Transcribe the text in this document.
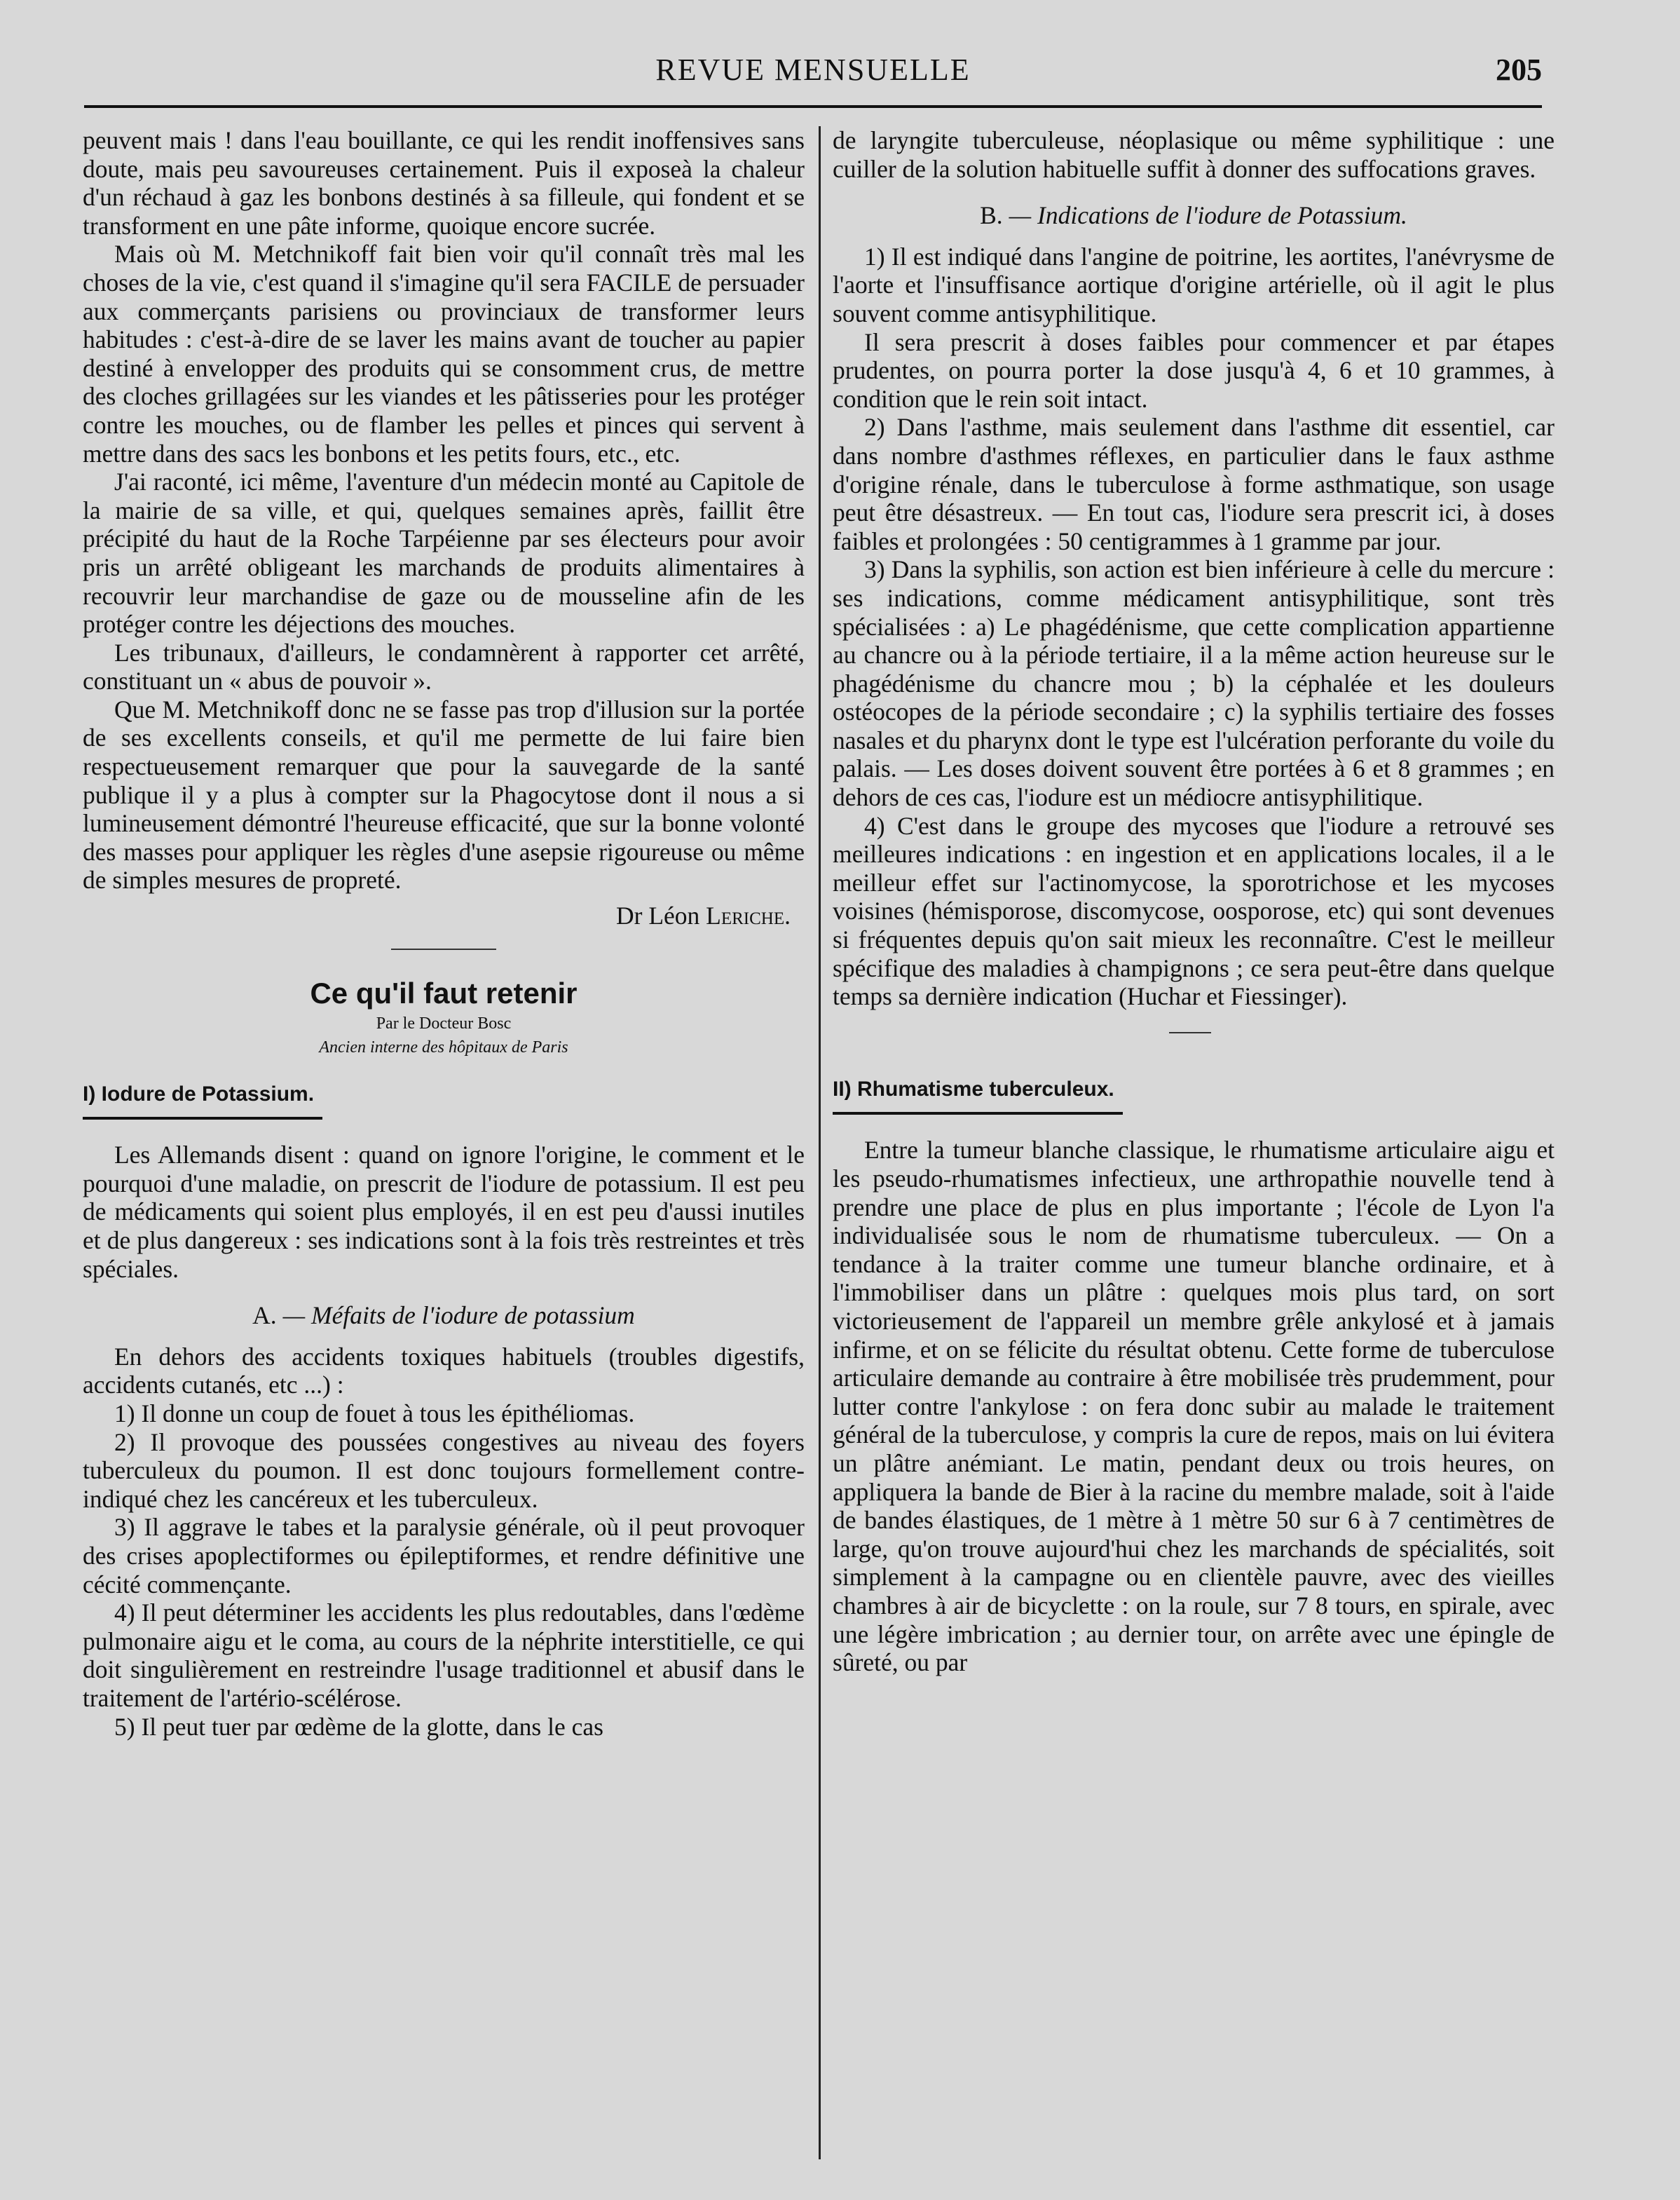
REVUE MENSUELLE	205

peuvent mais ! dans l'eau bouillante, ce qui les rendit inoffensives sans doute, mais peu savoureuses certainement. Puis il exposeà la chaleur d'un réchaud à gaz les bonbons destinés à sa filleule, qui fondent et se transforment en une pâte informe, quoique encore sucrée.

Mais où M. Metchnikoff fait bien voir qu'il connaît très mal les choses de la vie, c'est quand il s'imagine qu'il sera FACILE de persuader aux commerçants parisiens ou provinciaux de transformer leurs habitudes : c'est-à-dire de se laver les mains avant de toucher au papier destiné à envelopper des produits qui se consomment crus, de mettre des cloches grillagées sur les viandes et les pâtisseries pour les protéger contre les mouches, ou de flamber les pelles et pinces qui servent à mettre dans des sacs les bonbons et les petits fours, etc., etc.

J'ai raconté, ici même, l'aventure d'un médecin monté au Capitole de la mairie de sa ville, et qui, quelques semaines après, faillit être précipité du haut de la Roche Tarpéienne par ses électeurs pour avoir pris un arrêté obligeant les marchands de produits alimentaires à recouvrir leur marchandise de gaze ou de mousseline afin de les protéger contre les déjections des mouches.

Les tribunaux, d'ailleurs, le condamnèrent à rapporter cet arrêté, constituant un « abus de pouvoir ».

Que M. Metchnikoff donc ne se fasse pas trop d'illusion sur la portée de ses excellents conseils, et qu'il me permette de lui faire bien respectueusement remarquer que pour la sauvegarde de la santé publique il y a plus à compter sur la Phagocytose dont il nous a si lumineusement démontré l'heureuse efficacité, que sur la bonne volonté des masses pour appliquer les règles d'une asepsie rigoureuse ou même de simples mesures de propreté.

Dr Léon Leriche.

Ce qu'il faut retenir
Par le Docteur Bosc
Ancien interne des hôpitaux de Paris
I) Iodure de Potassium.

Les Allemands disent : quand on ignore l'origine, le comment et le pourquoi d'une maladie, on prescrit de l'iodure de potassium. Il est peu de médicaments qui soient plus employés, il en est peu d'aussi inutiles et de plus dangereux : ses indications sont à la fois très restreintes et très spéciales.

A. — Méfaits de l'iodure de potassium

En dehors des accidents toxiques habituels (troubles digestifs, accidents cutanés, etc ...) :

1) Il donne un coup de fouet à tous les épithéliomas.

2) Il provoque des poussées congestives au niveau des foyers tuberculeux du poumon. Il est donc toujours formellement contre-indiqué chez les cancéreux et les tuberculeux.

3) Il aggrave le tabes et la paralysie générale, où il peut provoquer des crises apoplectiformes ou épileptiformes, et rendre définitive une cécité commençante.

4) Il peut déterminer les accidents les plus redoutables, dans l'œdème pulmonaire aigu et le coma, au cours de la néphrite interstitielle, ce qui doit singulièrement en restreindre l'usage traditionnel et abusif dans le traitement de l'artério-scélérose.

5) Il peut tuer par œdème de la glotte, dans le cas

de laryngite tuberculeuse, néoplasique ou même syphilitique : une cuiller de la solution habituelle suffit à donner des suffocations graves.

B. — Indications de l'iodure de Potassium.

1) Il est indiqué dans l'angine de poitrine, les aortites, l'anévrysme de l'aorte et l'insuffisance aortique d'origine artérielle, où il agit le plus souvent comme antisyphilitique.

Il sera prescrit à doses faibles pour commencer et par étapes prudentes, on pourra porter la dose jusqu'à 4, 6 et 10 grammes, à condition que le rein soit intact.

2) Dans l'asthme, mais seulement dans l'asthme dit essentiel, car dans nombre d'asthmes réflexes, en particulier dans le faux asthme d'origine rénale, dans le tuberculose à forme asthmatique, son usage peut être désastreux. — En tout cas, l'iodure sera prescrit ici, à doses faibles et prolongées : 50 centigrammes à 1 gramme par jour.

3) Dans la syphilis, son action est bien inférieure à celle du mercure : ses indications, comme médicament antisyphilitique, sont très spécialisées : a) Le phagédénisme, que cette complication appartienne au chancre ou à la période tertiaire, il a la même action heureuse sur le phagédénisme du chancre mou ; b) la céphalée et les douleurs ostéocopes de la période secondaire ; c) la syphilis tertiaire des fosses nasales et du pharynx dont le type est l'ulcération perforante du voile du palais. — Les doses doivent souvent être portées à 6 et 8 grammes ; en dehors de ces cas, l'iodure est un médiocre antisyphilitique.

4) C'est dans le groupe des mycoses que l'iodure a retrouvé ses meilleures indications : en ingestion et en applications locales, il a le meilleur effet sur l'actinomycose, la sporotrichose et les mycoses voisines (hémisporose, discomycose, oosporose, etc) qui sont devenues si fréquentes depuis qu'on sait mieux les reconnaître. C'est le meilleur spécifique des maladies à champignons ; ce sera peut-être dans quelque temps sa dernière indication (Huchar et Fiessinger).

II) Rhumatisme tuberculeux.

Entre la tumeur blanche classique, le rhumatisme articulaire aigu et les pseudo-rhumatismes infectieux, une arthropathie nouvelle tend à prendre une place de plus en plus importante ; l'école de Lyon l'a individualisée sous le nom de rhumatisme tuberculeux. — On a tendance à la traiter comme une tumeur blanche ordinaire, et à l'immobiliser dans un plâtre : quelques mois plus tard, on sort victorieusement de l'appareil un membre grêle ankylosé et à jamais infirme, et on se félicite du résultat obtenu. Cette forme de tuberculose articulaire demande au contraire à être mobilisée très prudemment, pour lutter contre l'ankylose : on fera donc subir au malade le traitement général de la tuberculose, y compris la cure de repos, mais on lui évitera un plâtre anémiant. Le matin, pendant deux ou trois heures, on appliquera la bande de Bier à la racine du membre malade, soit à l'aide de bandes élastiques, de 1 mètre à 1 mètre 50 sur 6 à 7 centimètres de large, qu'on trouve aujourd'hui chez les marchands de spécialités, soit simplement à la campagne ou en clientèle pauvre, avec des vieilles chambres à air de bicyclette : on la roule, sur 7 8 tours, en spirale, avec une légère imbrication ; au dernier tour, on arrête avec une épingle de sûreté, ou par
